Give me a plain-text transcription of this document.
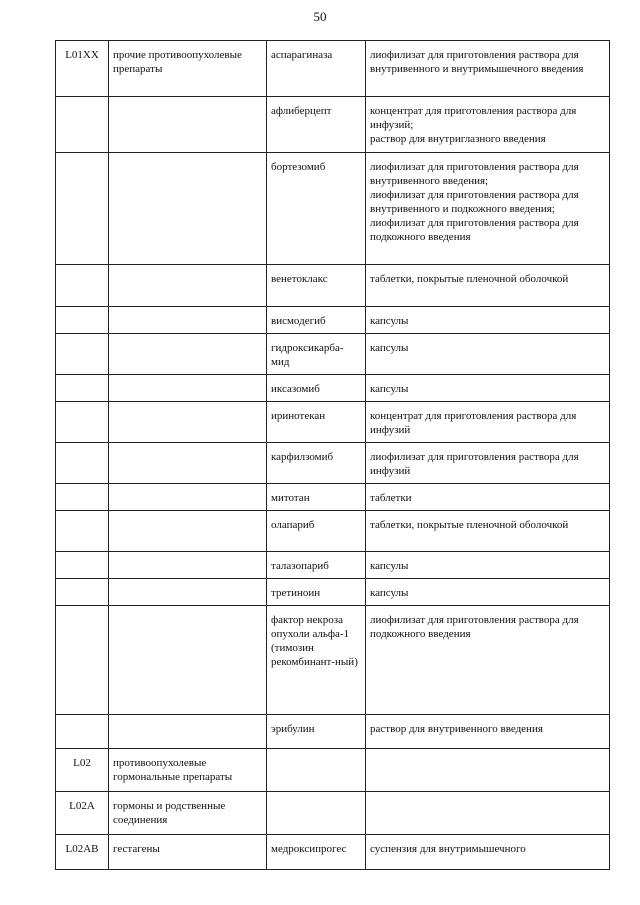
50
L01XX	прочие противоопухолевые препараты	аспарагиназа	лиофилизат для приготовления раствора для внутривенного и внутримышечного введения

		афлиберцепт	концентрат для приготовления раствора для инфузий;
раствор для внутриглазного введения

		бортезомиб	лиофилизат для приготовления раствора для внутривенного введения;
лиофилизат для приготовления раствора для внутривенного и подкожного введения;
лиофилизат для приготовления раствора для подкожного введения

		венетоклакс	таблетки, покрытые пленочной оболочкой

		висмодегиб	капсулы

		гидроксикарба-мид	капсулы

		иксазомиб	капсулы

		иринотекан	концентрат для приготовления раствора для инфузий

		карфилзомиб	лиофилизат для приготовления раствора для инфузий

		митотан	таблетки

		олапариб	таблетки, покрытые пленочной оболочкой

		талазопариб	капсулы

		третиноин	капсулы

		фактор некроза опухоли альфа-1 (тимозин рекомбинант-ный)	лиофилизат для приготовления раствора для подкожного введения

		эрибулин	раствор для внутривенного введения

L02	противоопухолевые гормональные препараты		
L02A	гормоны и родственные соединения		
L02AB	гестагены	медроксипрогес	суспензия для внутримышечного
